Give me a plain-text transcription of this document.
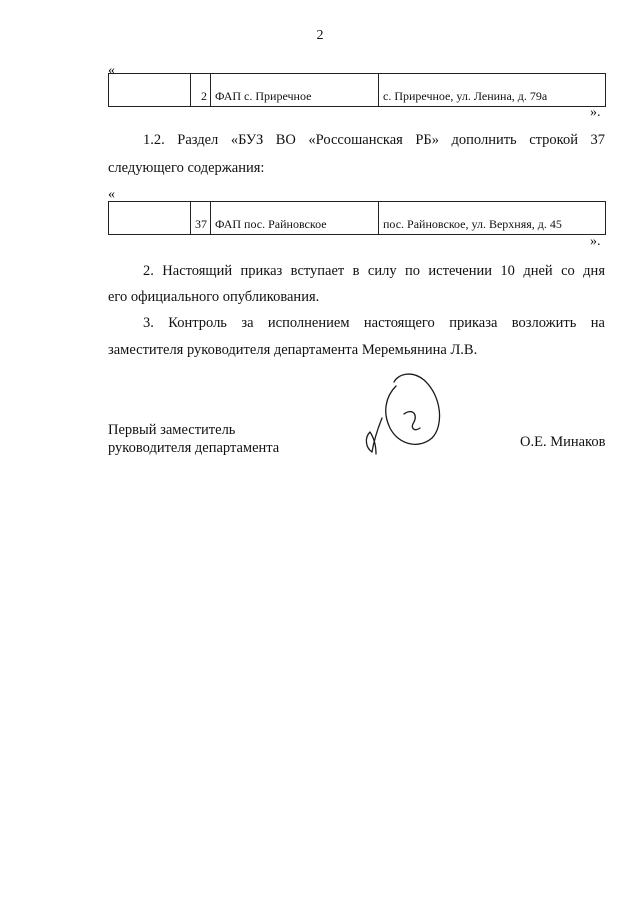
2
«
	2	ФАП с. Приречное	с. Приречное, ул. Ленина, д. 79а
».
1.2. Раздел «БУЗ ВО «Россошанская РБ» дополнить строкой 37
следующего содержания:
«
	37	ФАП пос. Райновское	пос. Райновское, ул. Верхняя, д. 45
».
2. Настоящий приказ вступает в силу по истечении 10 дней со дня
его официального опубликования.
3. Контроль за исполнением настоящего приказа возложить на
заместителя руководителя департамента Меремьянина Л.В.
Первый заместитель
руководителя департамента	О.Е. Минаков
